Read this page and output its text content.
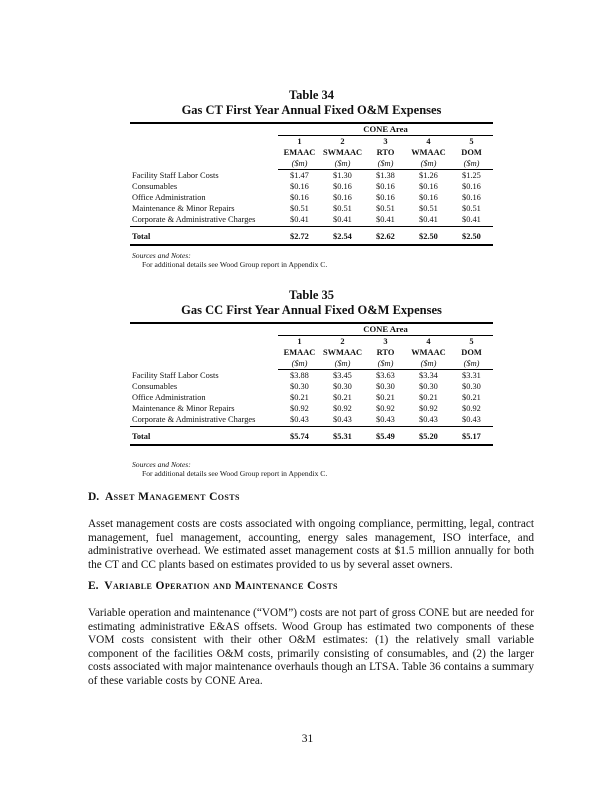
Table 34
Gas CT First Year Annual Fixed O&M Expenses
	CONE Area				
	1	2	3	4	5
	EMAAC	SWMAAC	RTO	WMAAC	DOM
	($m)	($m)	($m)	($m)	($m)
Facility Staff Labor Costs	$1.47	$1.30	$1.38	$1.26	$1.25
Consumables	$0.16	$0.16	$0.16	$0.16	$0.16
Office Administration	$0.16	$0.16	$0.16	$0.16	$0.16
Maintenance & Minor Repairs	$0.51	$0.51	$0.51	$0.51	$0.51
Corporate & Administrative Charges	$0.41	$0.41	$0.41	$0.41	$0.41
Total	$2.72	$2.54	$2.62	$2.50	$2.50
Sources and Notes:
For additional details see Wood Group report in Appendix C.
Table 35
Gas CC First Year Annual Fixed O&M Expenses
	CONE Area				
	1	2	3	4	5
	EMAAC	SWMAAC	RTO	WMAAC	DOM
	($m)	($m)	($m)	($m)	($m)
Facility Staff Labor Costs	$3.88	$3.45	$3.63	$3.34	$3.31
Consumables	$0.30	$0.30	$0.30	$0.30	$0.30
Office Administration	$0.21	$0.21	$0.21	$0.21	$0.21
Maintenance & Minor Repairs	$0.92	$0.92	$0.92	$0.92	$0.92
Corporate & Administrative Charges	$0.43	$0.43	$0.43	$0.43	$0.43
Total	$5.74	$5.31	$5.49	$5.20	$5.17
Sources and Notes:
For additional details see Wood Group report in Appendix C.
D. Asset Management Costs
Asset management costs are costs associated with ongoing compliance, permitting, legal, contract management, fuel management, accounting, energy sales management, ISO interface, and administrative overhead. We estimated asset management costs at $1.5 million annually for both the CT and CC plants based on estimates provided to us by several asset owners.
E. Variable Operation and Maintenance Costs
Variable operation and maintenance (“VOM”) costs are not part of gross CONE but are needed for estimating administrative E&AS offsets. Wood Group has estimated two components of these VOM costs consistent with their other O&M estimates: (1) the relatively small variable component of the facilities O&M costs, primarily consisting of consumables, and (2) the larger costs associated with major maintenance overhauls though an LTSA. Table 36 contains a summary of these variable costs by CONE Area.
31
